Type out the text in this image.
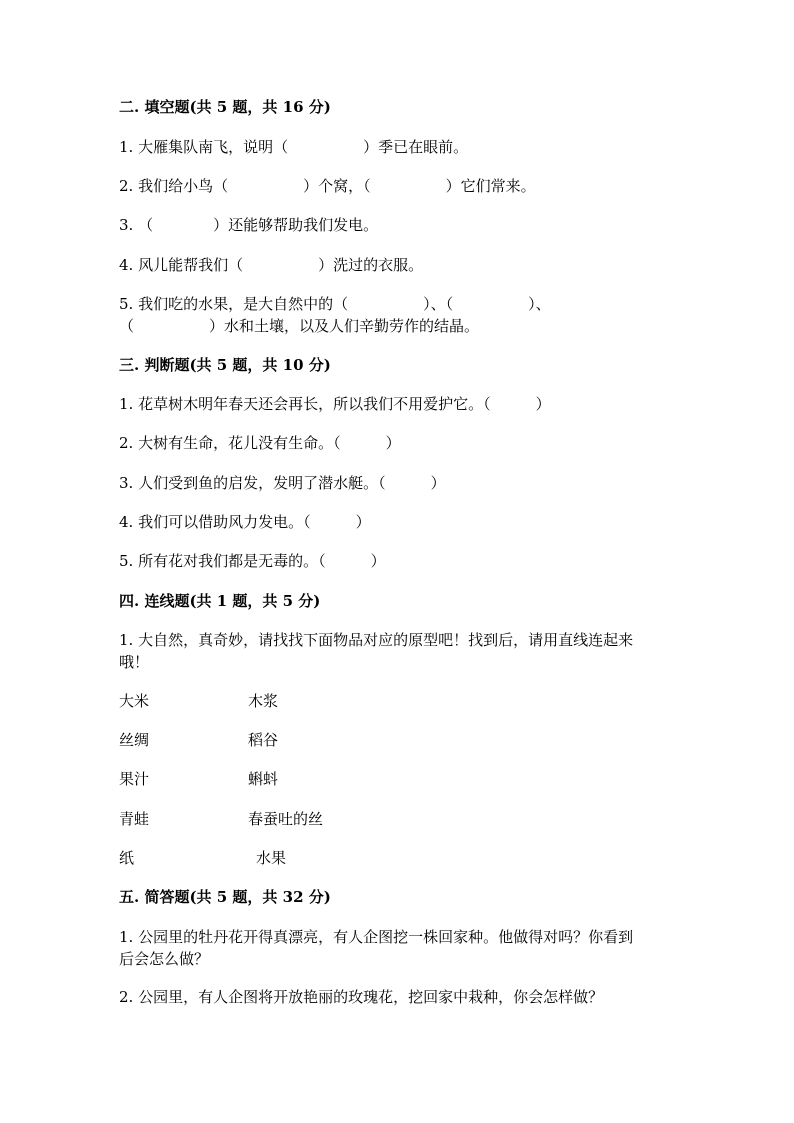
二. 填空题(共 5 题，共 16 分)
1. 大雁集队南飞，说明（　　　　　）季已在眼前。
2. 我们给小鸟（　　　　　）个窝，（　　　　　）它们常来。
3. （　　　　）还能够帮助我们发电。
4. 风儿能帮我们（　　　　　）洗过的衣服。
5. 我们吃的水果，是大自然中的（　　　　　）、（　　　　　）、
（　　　　　）水和土壤，以及人们辛勤劳作的结晶。
三. 判断题(共 5 题，共 10 分)
1. 花草树木明年春天还会再长，所以我们不用爱护它。（　　　）
2. 大树有生命，花儿没有生命。（　　　）
3. 人们受到鱼的启发，发明了潜水艇。（　　　）
4. 我们可以借助风力发电。（　　　）
5. 所有花对我们都是无毒的。（　　　）
四. 连线题(共 1 题，共 5 分)
1. 大自然，真奇妙，请找找下面物品对应的原型吧！找到后，请用直线连起来
哦！
大米	木浆
丝绸	稻谷
果汁	蝌蚪
青蛙	春蚕吐的丝
纸	水果
五. 简答题(共 5 题，共 32 分)
1. 公园里的牡丹花开得真漂亮，有人企图挖一株回家种。他做得对吗？你看到
后会怎么做？
2. 公园里，有人企图将开放艳丽的玫瑰花，挖回家中栽种，你会怎样做？
